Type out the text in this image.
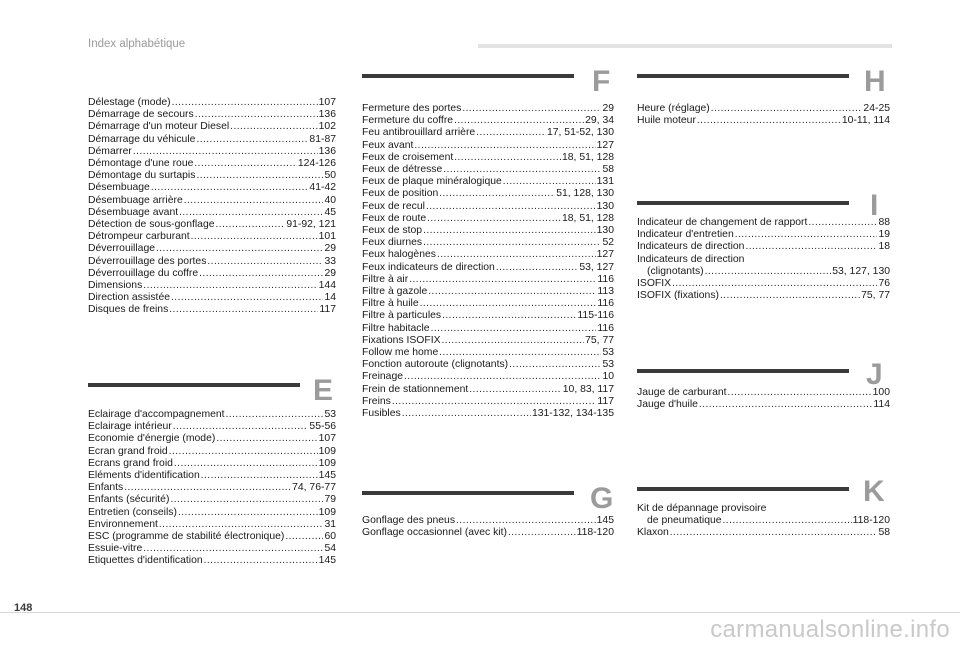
Index alphabétique
Délestage (mode) .....	107
Démarrage de secours .....	136
Démarrage d'un moteur Diesel .....	102
Démarrage du véhicule .....	81-87
Démarrer .....	136
Démontage d'une roue .....	124-126
Démontage du surtapis .....	50
Désembuage .....	41-42
Désembuage arrière .....	40
Désembuage avant .....	45
Détection de sous-gonflage .....	91-92, 121
Détrompeur carburant .....	101
Déverrouillage .....	29
Déverrouillage des portes .....	33
Déverrouillage du coffre .....	29
Dimensions .....	144
Direction assistée .....	14
Disques de freins .....	117
E
Eclairage d'accompagnement .....	53
Eclairage intérieur .....	55-56
Economie d'énergie (mode) .....	107
Ecran grand froid .....	109
Ecrans grand froid .....	109
Eléments d'identification .....	145
Enfants .....	74, 76-77
Enfants (sécurité) .....	79
Entretien (conseils) .....	109
Environnement .....	31
ESC (programme de stabilité électronique) .....	60
Essuie-vitre .....	54
Etiquettes d'identification .....	145
F
Fermeture des portes .....	29
Fermeture du coffre .....	29, 34
Feu antibrouillard arrière .....	17, 51-52, 130
Feux avant .....	127
Feux de croisement .....	18, 51, 128
Feux de détresse .....	58
Feux de plaque minéralogique .....	131
Feux de position .....	51, 128, 130
Feux de recul .....	130
Feux de route .....	18, 51, 128
Feux de stop .....	130
Feux diurnes .....	52
Feux halogènes .....	127
Feux indicateurs de direction .....	53, 127
Filtre à air .....	116
Filtre à gazole .....	113
Filtre à huile .....	116
Filtre à particules .....	115-116
Filtre habitacle .....	116
Fixations ISOFIX .....	75, 77
Follow me home .....	53
Fonction autoroute (clignotants) .....	53
Freinage .....	10
Frein de stationnement .....	10, 83, 117
Freins .....	117
Fusibles .....	131-132, 134-135
G
Gonflage des pneus .....	145
Gonflage occasionnel (avec kit) .....	118-120
H
Heure (réglage) .....	24-25
Huile moteur .....	10-11, 114
I
Indicateur de changement de rapport .....	88
Indicateur d'entretien .....	19
Indicateurs de direction .....	18
Indicateurs de direction
(clignotants) .....	53, 127, 130
ISOFIX .....	76
ISOFIX (fixations) .....	75, 77
J
Jauge de carburant .....	100
Jauge d'huile .....	114
K
Kit de dépannage provisoire
de pneumatique .....	118-120
Klaxon .....	58
148
carmanualsonline.info
